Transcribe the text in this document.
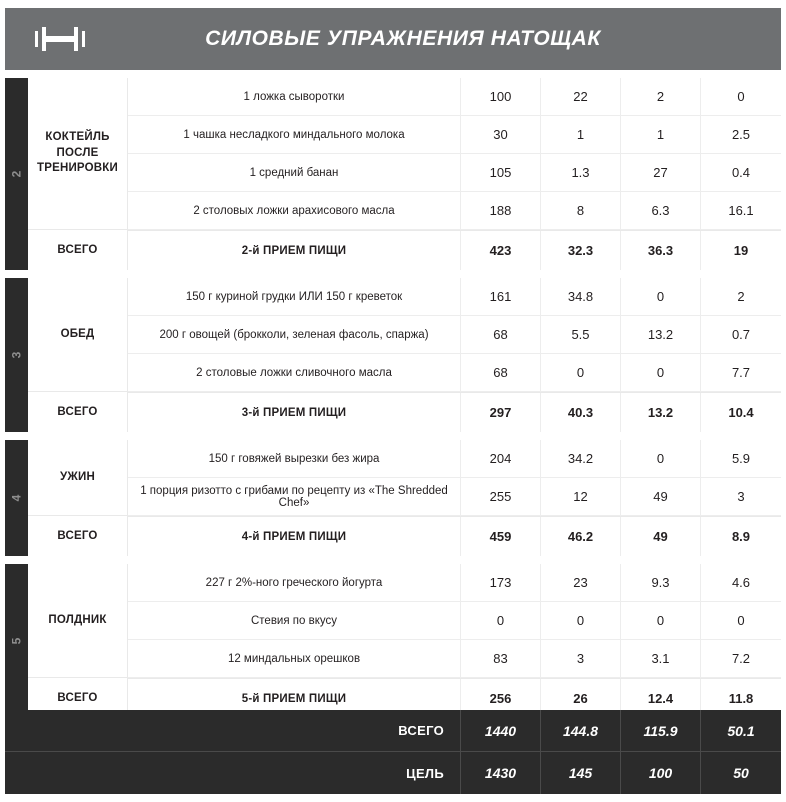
СИЛОВЫЕ УПРАЖНЕНИЯ НАТОЩАК
2
КОКТЕЙЛЬ ПОСЛЕ ТРЕНИРОВКИ
ВСЕГО
1 ложка сыворотки	100	22	2	0
1 чашка несладкого миндального молока	30	1	1	2.5
1 средний банан	105	1.3	27	0.4
2 столовых ложки арахисового масла	188	8	6.3	16.1
2-й ПРИЕМ ПИЩИ	423	32.3	36.3	19
3
ОБЕД
ВСЕГО
150 г куриной грудки ИЛИ 150 г креветок	161	34.8	0	2
200 г овощей (брокколи, зеленая фасоль, спаржа)	68	5.5	13.2	0.7
2 столовые ложки сливочного масла	68	0	0	7.7
3-й ПРИЕМ ПИЩИ	297	40.3	13.2	10.4
4
УЖИН
ВСЕГО
150 г говяжей вырезки без жира	204	34.2	0	5.9
1 порция ризотто с грибами по рецепту из «The Shredded Chef»	255	12	49	3
4-й ПРИЕМ ПИЩИ	459	46.2	49	8.9
5
ПОЛДНИК
ВСЕГО
227 г 2%-ного греческого йогурта	173	23	9.3	4.6
Стевия по вкусу	0	0	0	0
12 миндальных орешков	83	3	3.1	7.2
5-й ПРИЕМ ПИЩИ	256	26	12.4	11.8
ВСЕГО	1440	144.8	115.9	50.1
ЦЕЛЬ	1430	145	100	50
